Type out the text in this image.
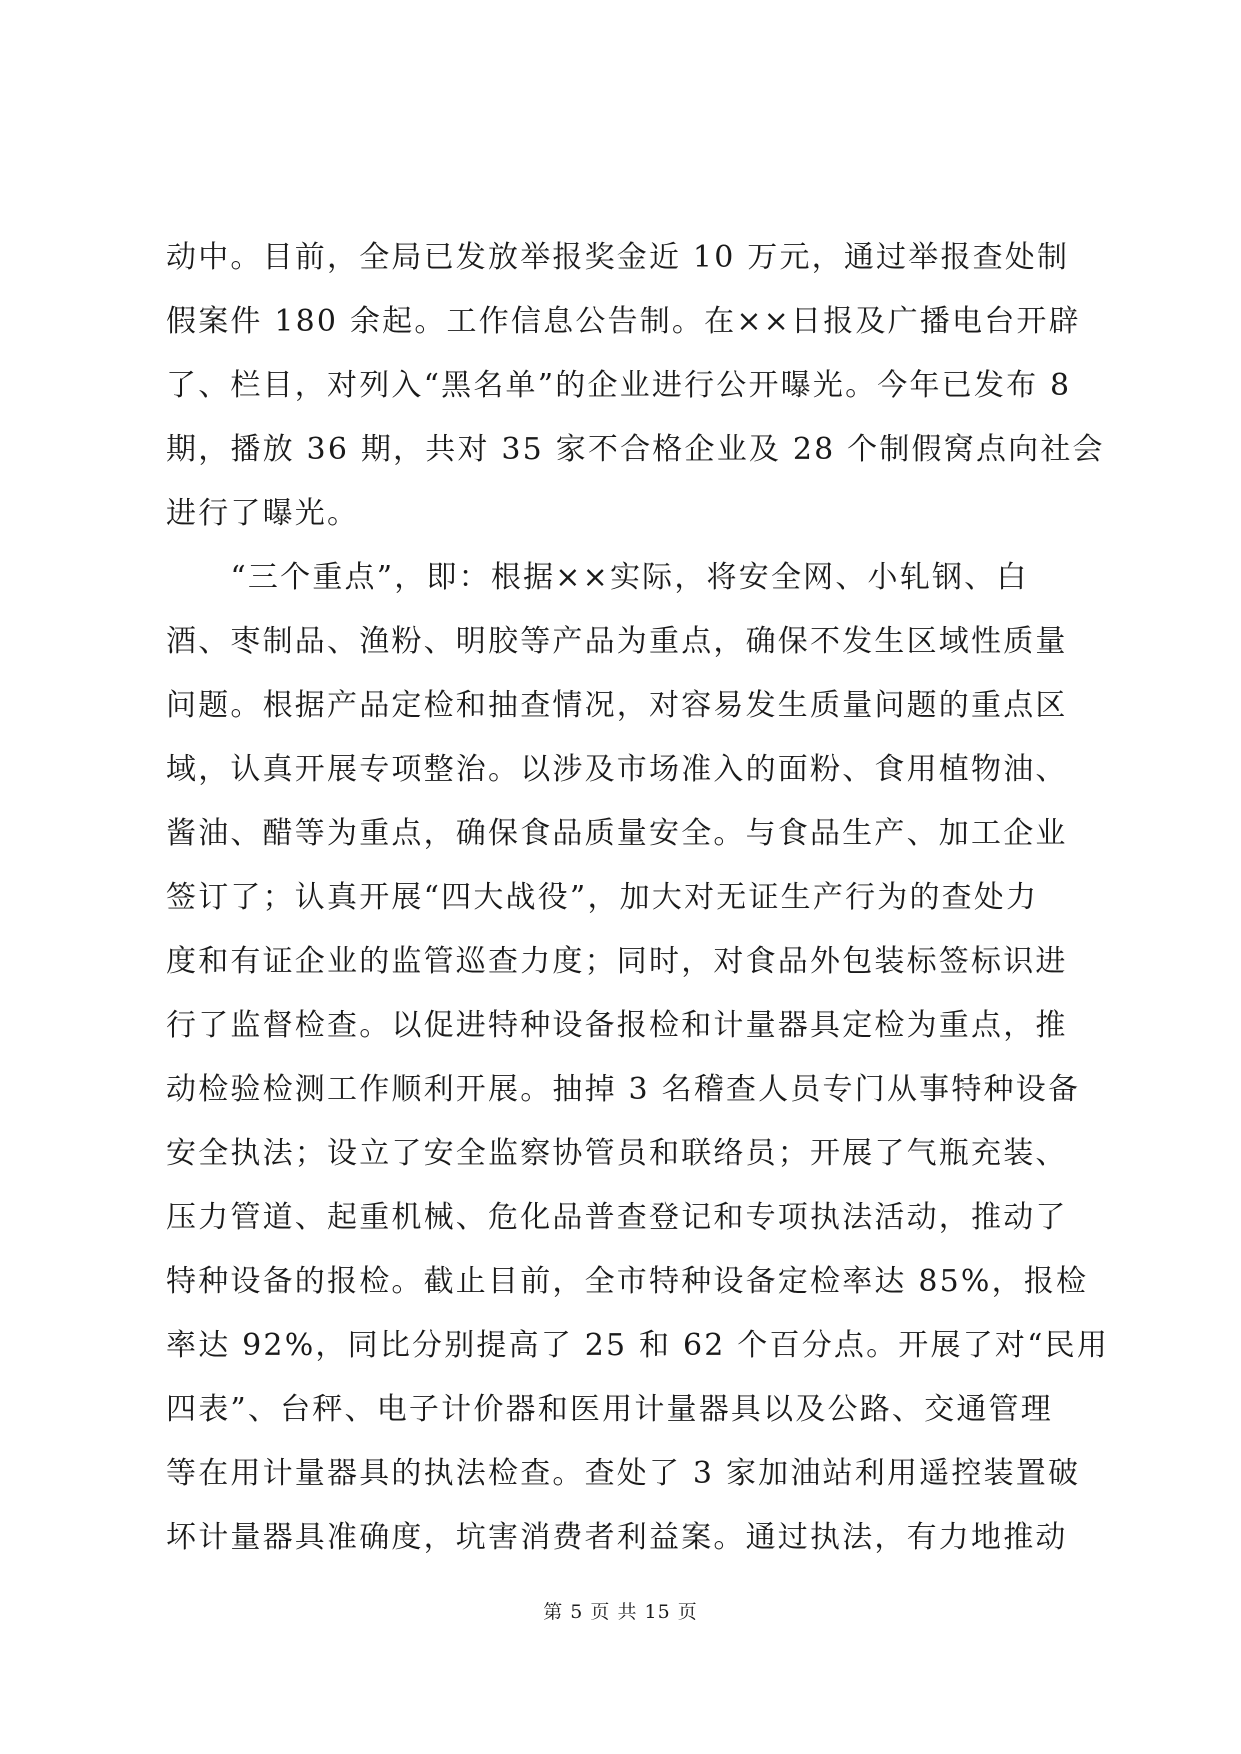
动中。目前，全局已发放举报奖金近 10 万元，通过举报查处制
假案件 180 余起。工作信息公告制。在××日报及广播电台开辟
了、栏目，对列入“黑名单”的企业进行公开曝光。今年已发布 8
期，播放 36 期，共对 35 家不合格企业及 28 个制假窝点向社会
进行了曝光。
　　“三个重点”，即：根据××实际，将安全网、小轧钢、白
酒、枣制品、渔粉、明胶等产品为重点，确保不发生区域性质量
问题。根据产品定检和抽查情况，对容易发生质量问题的重点区
域，认真开展专项整治。以涉及市场准入的面粉、食用植物油、
酱油、醋等为重点，确保食品质量安全。与食品生产、加工企业
签订了；认真开展“四大战役”，加大对无证生产行为的查处力
度和有证企业的监管巡查力度；同时，对食品外包装标签标识进
行了监督检查。以促进特种设备报检和计量器具定检为重点，推
动检验检测工作顺利开展。抽掉 3 名稽查人员专门从事特种设备
安全执法；设立了安全监察协管员和联络员；开展了气瓶充装、
压力管道、起重机械、危化品普查登记和专项执法活动，推动了
特种设备的报检。截止目前，全市特种设备定检率达 85%，报检
率达 92%，同比分别提高了 25 和 62 个百分点。开展了对“民用
四表”、台秤、电子计价器和医用计量器具以及公路、交通管理
等在用计量器具的执法检查。查处了 3 家加油站利用遥控装置破
坏计量器具准确度，坑害消费者利益案。通过执法，有力地推动
第 5 页 共 15 页
